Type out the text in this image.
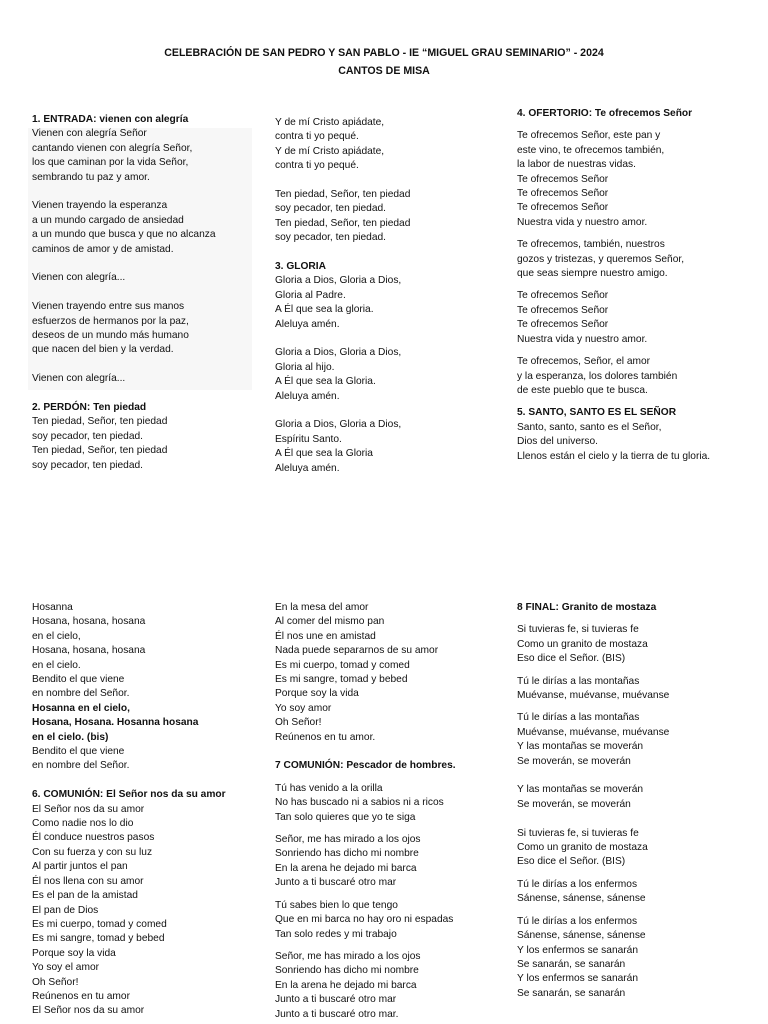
CELEBRACIÓN DE SAN PEDRO Y SAN PABLO - IE “MIGUEL GRAU SEMINARIO” - 2024
CANTOS DE MISA
1. ENTRADA: vienen con alegría
Vienen con alegría Señor
cantando vienen con alegría Señor,
los que caminan por la vida Señor,
sembrando tu paz y amor.
Vienen trayendo la esperanza
a un mundo cargado de ansiedad
a un mundo que busca y que no alcanza
caminos de amor y de amistad.
Vienen con alegría...
Vienen trayendo entre sus manos
esfuerzos de hermanos por la paz,
deseos de un mundo más humano
que nacen del bien y la verdad.
Vienen con alegría...
2. PERDÓN: Ten piedad
Ten piedad, Señor, ten piedad
soy pecador, ten piedad.
Ten piedad, Señor, ten piedad
soy pecador, ten piedad.
Y de mí Cristo apiádate,
contra ti yo pequé.
Y de mí Cristo apiádate,
contra ti yo pequé.
Ten piedad, Señor, ten piedad
soy pecador, ten piedad.
Ten piedad, Señor, ten piedad
soy pecador, ten piedad.
3. GLORIA
Gloria a Dios, Gloria a Dios,
Gloria al Padre.
A Él que sea la gloria.
Aleluya amén.
Gloria a Dios, Gloria a Dios,
Gloria al hijo.
A Él que sea la Gloria.
Aleluya amén.
Gloria a Dios, Gloria a Dios,
Espíritu Santo.
A Él que sea la Gloria
Aleluya amén.
4. OFERTORIO: Te ofrecemos Señor
Te ofrecemos Señor, este pan y
este vino, te ofrecemos también,
la labor de nuestras vidas.
Te ofrecemos Señor
Te ofrecemos Señor
Te ofrecemos Señor
Nuestra vida y nuestro amor.
Te ofrecemos, también, nuestros
gozos y tristezas, y queremos Señor,
que seas siempre nuestro amigo.
Te ofrecemos Señor
Te ofrecemos Señor
Te ofrecemos Señor
Nuestra vida y nuestro amor.
Te ofrecemos, Señor, el amor
y la esperanza, los dolores también
de este pueblo que te busca.
5. SANTO, SANTO ES EL SEÑOR
Santo, santo, santo es el Señor,
Dios del universo.
Llenos están el cielo y la tierra de tu gloria.
Hosanna
Hosana, hosana, hosana
en el cielo,
Hosana, hosana, hosana
en el cielo.
Bendito el que viene
en nombre del Señor.
Hosanna en el cielo,
Hosana, Hosana. Hosanna hosana
en el cielo. (bis)
Bendito el que viene
en nombre del Señor.
6. COMUNIÓN: El Señor nos da su amor
El Señor nos da su amor
Como nadie nos lo dio
Él conduce nuestros pasos
Con su fuerza y con su luz
Al partir juntos el pan
Él nos llena con su amor
Es el pan de la amistad
El pan de Dios
Es mi cuerpo, tomad y comed
Es mi sangre, tomad y bebed
Porque soy la vida
Yo soy el amor
Oh Señor!
Reúnenos en tu amor
El Señor nos da su amor
En la mesa del amor
Al comer del mismo pan
Él nos une en amistad
Nada puede separarnos de su amor
Es mi cuerpo, tomad y comed
Es mi sangre, tomad y bebed
Porque soy la vida
Yo soy amor
Oh Señor!
Reúnenos en tu amor.
7 COMUNIÓN: Pescador de hombres.
Tú has venido a la orilla
No has buscado ni a sabios ni a ricos
Tan solo quieres que yo te siga
Señor, me has mirado a los ojos
Sonriendo has dicho mi nombre
En la arena he dejado mi barca
Junto a ti buscaré otro mar
Tú sabes bien lo que tengo
Que en mi barca no hay oro ni espadas
Tan solo redes y mi trabajo
Señor, me has mirado a los ojos
Sonriendo has dicho mi nombre
En la arena he dejado mi barca
Junto a ti buscaré otro mar
Junto a ti buscaré otro mar.
8 FINAL: Granito de mostaza
Si tuvieras fe, si tuvieras fe
Como un granito de mostaza
Eso dice el Señor. (BIS)
Tú le dirías a las montañas
Muévanse, muévanse, muévanse
Tú le dirías a las montañas
Muévanse, muévanse, muévanse
Y las montañas se moverán
Se moverán, se moverán
Y las montañas se moverán
Se moverán, se moverán
Si tuvieras fe, si tuvieras fe
Como un granito de mostaza
Eso dice el Señor. (BIS)
Tú le dirías a los enfermos
Sánense, sánense, sánense
Tú le dirías a los enfermos
Sánense, sánense, sánense
Y los enfermos se sanarán
Se sanarán, se sanarán
Y los enfermos se sanarán
Se sanarán, se sanarán
